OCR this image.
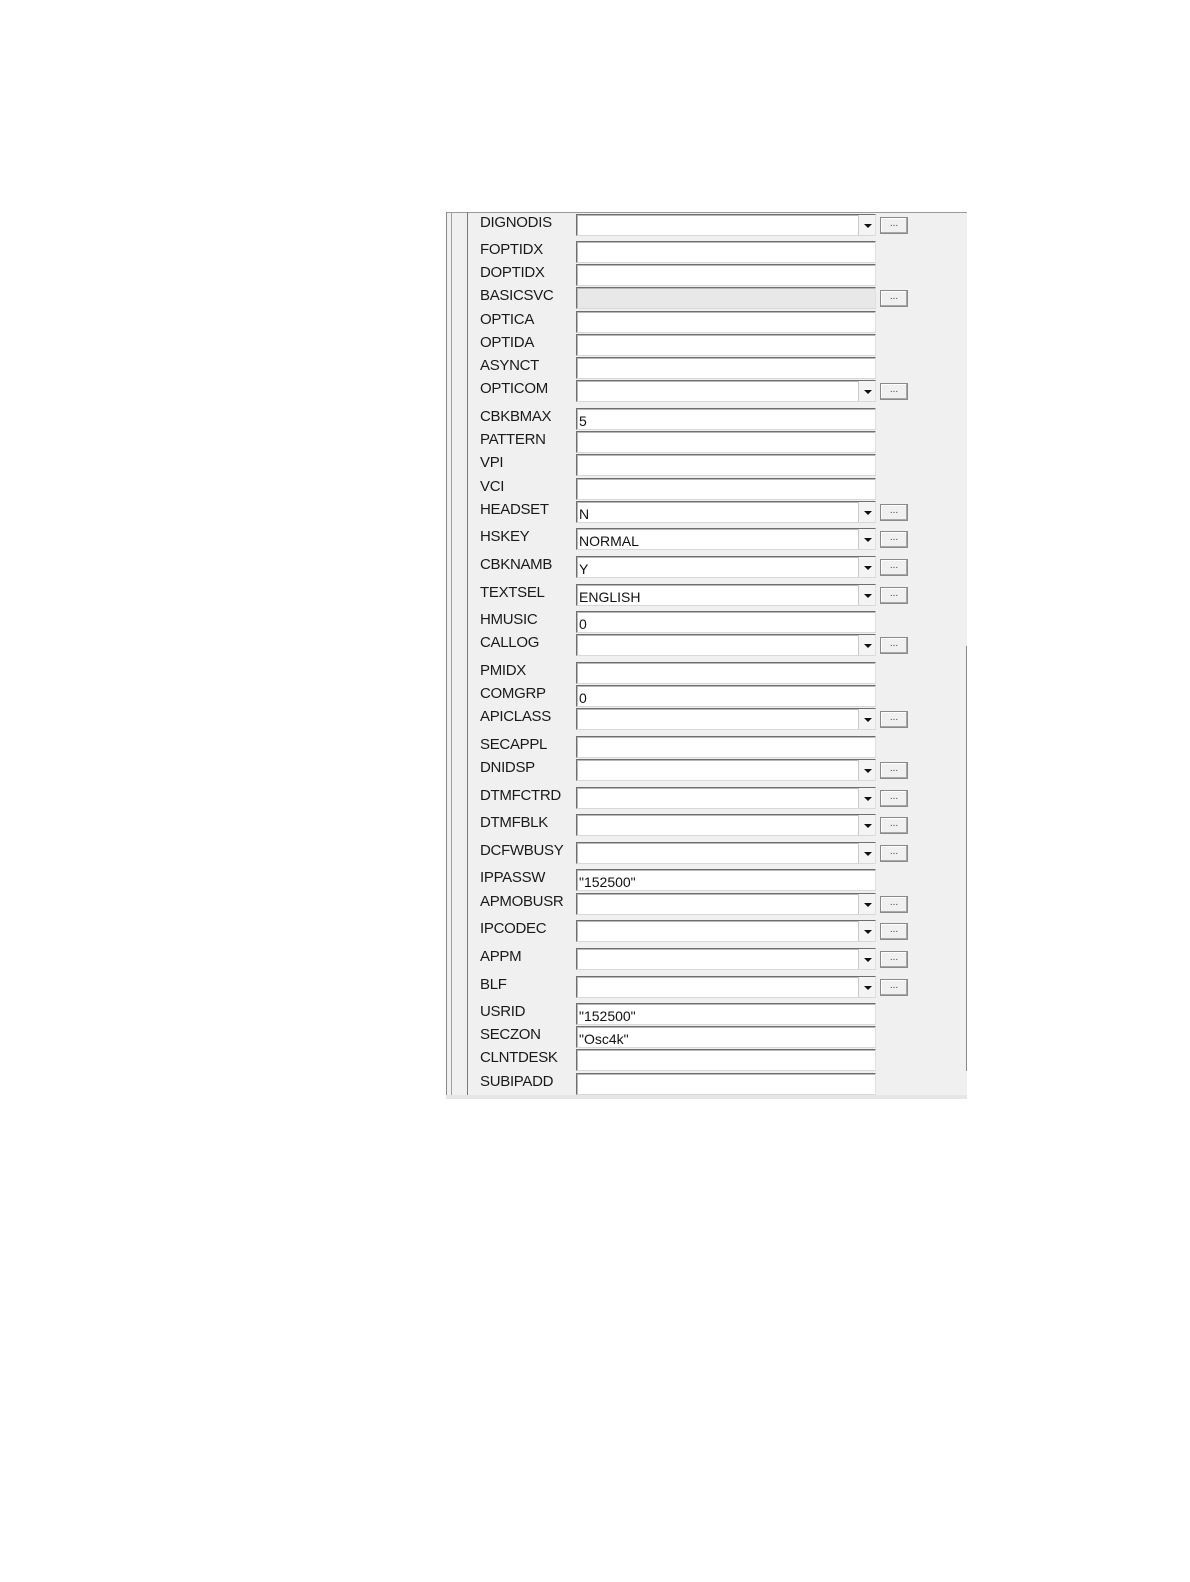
DIGNODIS	...
FOPTIDX
DOPTIDX
BASICSVC	...
OPTICA
OPTIDA
ASYNCT
OPTICOM	...
CBKBMAX 5
PATTERN
VPI
VCI
HEADSET N	...
HSKEY	NORMAL	...
CBKNAMB Y	...
TEXTSEL ENGLISH	...
HMUSIC	0
CALLOG	...
PMIDX
COMGRP 0
APICLASS	...
SECAPPL
DNIDSP	...
DTMFCTRD	...
DTMFBLK	...
DCFWBUSY	...
IPPASSW "152500"
APMOBUSR	...
IPCODEC	...
APPM	...
BLF	...
USRID	"152500"
SECZON	"Osc4k"
CLNTDESK
SUBIPADD
